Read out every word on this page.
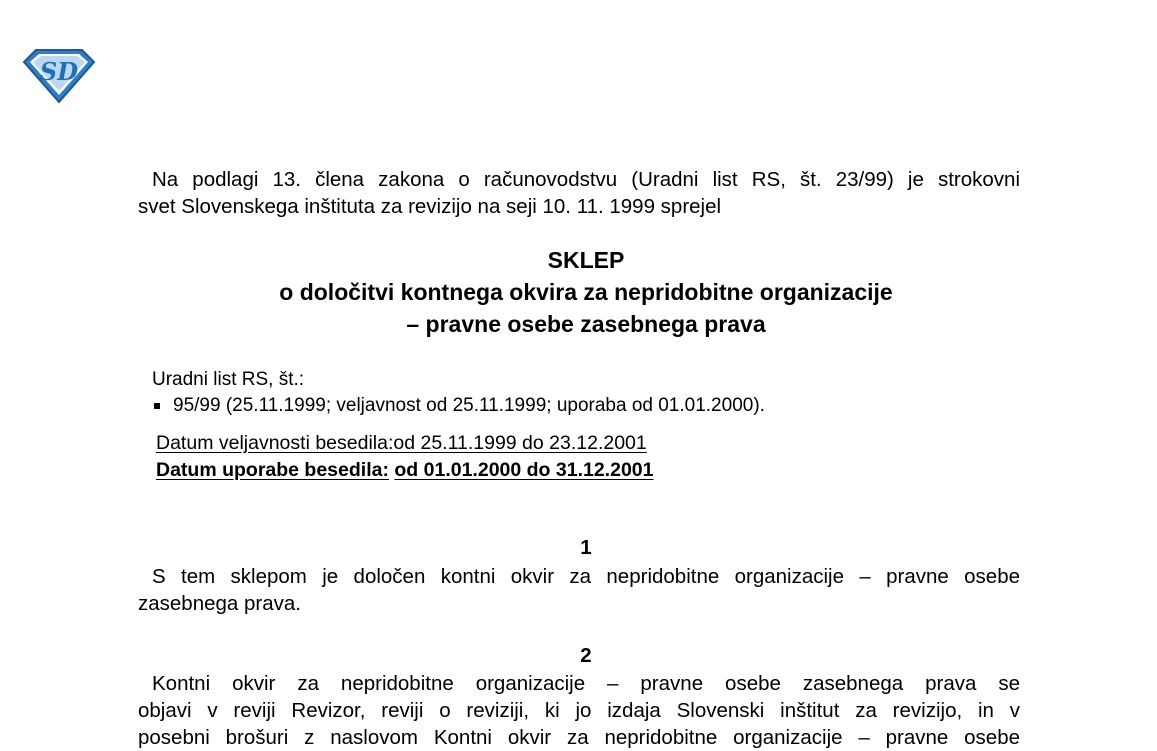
SD
Na podlagi 13. člena zakona o računovodstvu (Uradni list RS, št. 23/99) je strokovni
svet Slovenskega inštituta za revizijo na seji 10. 11. 1999 sprejel
SKLEP
o določitvi kontnega okvira za nepridobitne organizacije
– pravne osebe zasebnega prava
Uradni list RS, št.:
95/99 (25.11.1999; veljavnost od 25.11.1999; uporaba od 01.01.2000).
Datum veljavnosti besedila:od 25.11.1999 do 23.12.2001
Datum uporabe besedila: od 01.01.2000 do 31.12.2001
1
S tem sklepom je določen kontni okvir za nepridobitne organizacije – pravne osebe
zasebnega prava.
2
Kontni okvir za nepridobitne organizacije – pravne osebe zasebnega prava se
objavi v reviji Revizor, reviji o reviziji, ki jo izdaja Slovenski inštitut za revizijo, in v
posebni brošuri z naslovom Kontni okvir za nepridobitne organizacije – pravne osebe
